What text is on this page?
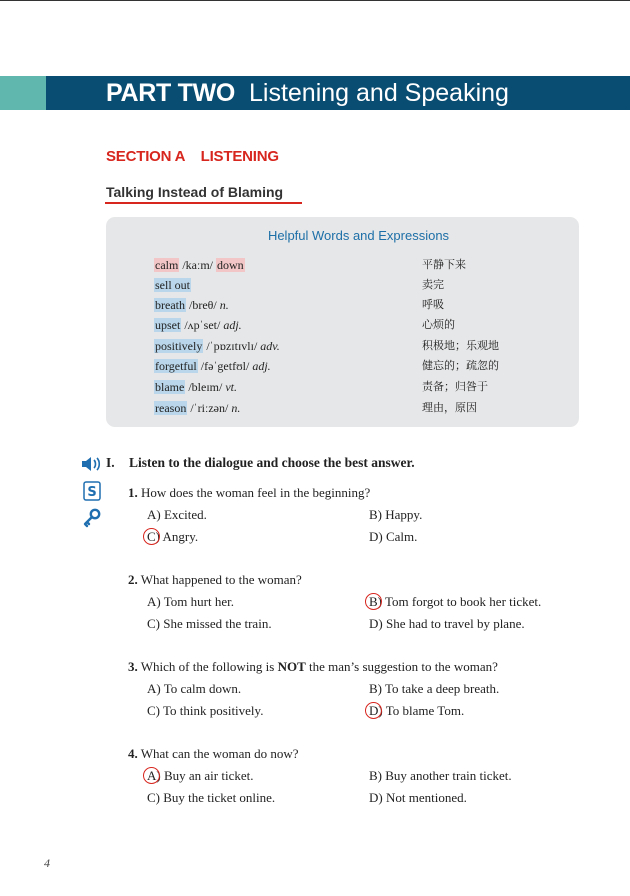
PART TWO Listening and Speaking
SECTION A    LISTENING
Talking Instead of Blaming
Helpful Words and Expressions
calm /kaːm/ down	平静下来
sell out	卖完
breath /breθ/ n.	呼吸
upset /ʌpˈset/ adj.	心烦的
positively /ˈpɒzɪtɪvlɪ/ adv.	积极地；乐观地
forgetful /fəˈgetfʊl/ adj.	健忘的；疏忽的
blame /bleɪm/ vt.	责备；归咎于
reason /ˈriːzən/ n.	理由，原因
S
I. Listen to the dialogue and choose the best answer.
1. How does the woman feel in the beginning?
A) Excited.	B) Happy.
C) Angry.	D) Calm.
2. What happened to the woman?
A) Tom hurt her.	B) Tom forgot to book her ticket.
C) She missed the train.	D) She had to travel by plane.
3. Which of the following is NOT the man’s suggestion to the woman?
A) To calm down.	B) To take a deep breath.
C) To think positively.	D) To blame Tom.
4. What can the woman do now?
A) Buy an air ticket.	B) Buy another train ticket.
C) Buy the ticket online.	D) Not mentioned.
4
